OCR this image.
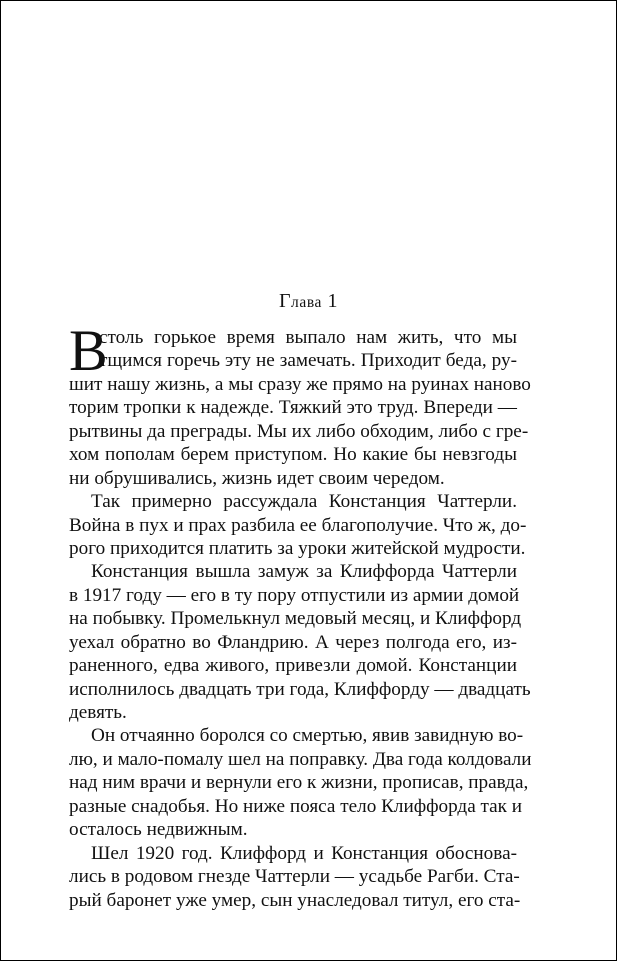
Глава 1
В
столь горькое время выпало нам жить, что мы
тщимся горечь эту не замечать. Приходит беда, ру-
шит нашу жизнь, а мы сразу же прямо на руинах наново
торим тропки к надежде. Тяжкий это труд. Впереди —
рытвины да преграды. Мы их либо обходим, либо с гре-
хом пополам берем приступом. Но какие бы невзгоды
ни обрушивались, жизнь идет своим чередом.
Так примерно рассуждала Констанция Чаттерли.
Война в пух и прах разбила ее благополучие. Что ж, до-
рого приходится платить за уроки житейской мудрости.
Констанция вышла замуж за Клиффорда Чаттерли
в 1917 году — его в ту пору отпустили из армии домой
на побывку. Промелькнул медовый месяц, и Клиффорд
уехал обратно во Фландрию. А через полгода его, из-
раненного, едва живого, привезли домой. Констанции
исполнилось двадцать три года, Клиффорду — двадцать
девять.
Он отчаянно боролся со смертью, явив завидную во-
лю, и мало-помалу шел на поправку. Два года колдовали
над ним врачи и вернули его к жизни, прописав, правда,
разные снадобья. Но ниже пояса тело Клиффорда так и
осталось недвижным.
Шел 1920 год. Клиффорд и Констанция обоснова-
лись в родовом гнезде Чаттерли — усадьбе Рагби. Ста-
рый баронет уже умер, сын унаследовал титул, его ста-
